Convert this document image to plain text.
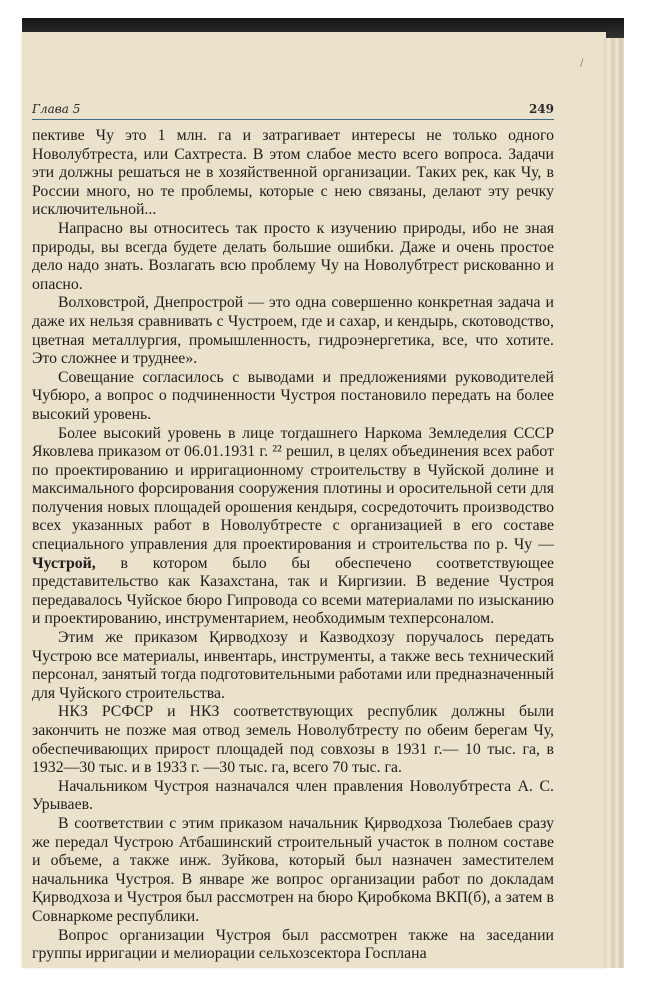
/
Глава 5	249

пективе Чу это 1 млн. га и затрагивает интересы не только одного Новолубтреста, или Сахтреста. В этом слабое место всего вопроса. Задачи эти должны решаться не в хозяйственной организации. Таких рек, как Чу, в России много, но те проблемы, которые с нею связаны, делают эту речку исключительной...

Напрасно вы относитесь так просто к изучению природы, ибо не зная природы, вы всегда будете делать большие ошибки. Даже и очень простое дело надо знать. Возлагать всю проблему Чу на Новолубтрест рискованно и опасно.

Волховстрой, Днепрострой — это одна совершенно конкретная задача и даже их нельзя сравнивать с Чустроем, где и сахар, и кендырь, скотоводство, цветная металлургия, промышленность, гидроэнергетика, все, что хотите. Это сложнее и труднее».

Совещание согласилось с выводами и предложениями руководителей Чубюро, а вопрос о подчиненности Чустроя постановило передать на более высокий уровень.

Более высокий уровень в лице тогдашнего Наркома Земледелия СССР Яковлева приказом от 06.01.1931 г. ²² решил, в целях объединения всех работ по проектированию и ирригационному строительству в Чуйской долине и максимального форсирования сооружения плотины и оросительной сети для получения новых площадей орошения кендыря, сосредоточить производство всех указанных работ в Новолубтресте с организацией в его составе специального управления для проектирования и строительства по р. Чу — Чустрой, в котором было бы обеспечено соответствующее представительство как Казахстана, так и Киргизии. В ведение Чустроя передавалось Чуйское бюро Гипровода со всеми материалами по изысканию и проектированию, инструментарием, необходимым техперсоналом.

Этим же приказом Қирводхозу и Казводхозу поручалось передать Чустрою все материалы, инвентарь, инструменты, а также весь технический персонал, занятый тогда подготовительными работами или предназначенный для Чуйского строительства.

НКЗ РСФСР и НКЗ соответствующих республик должны были закончить не позже мая отвод земель Новолубтресту по обеим берегам Чу, обеспечивающих прирост площадей под совхозы в 1931 г.— 10 тыс. га, в 1932—30 тыс. и в 1933 г. —30 тыс. га, всего 70 тыс. га.

Начальником Чустроя назначался член правления Новолубтреста А. С. Урываев.

В соответствии с этим приказом начальник Қирводхоза Тюлебаев сразу же передал Чустрою Атбашинский строительный участок в полном составе и объеме, а также инж. Зуйкова, который был назначен заместителем начальника Чустроя. В январе же вопрос организации работ по докладам Қирводхоза и Чустроя был рассмотрен на бюро Қиробкома ВКП(б), а затем в Совнаркоме республики.

Вопрос организации Чустроя был рассмотрен также на заседании группы ирригации и мелиорации сельхозсектора Госплана
